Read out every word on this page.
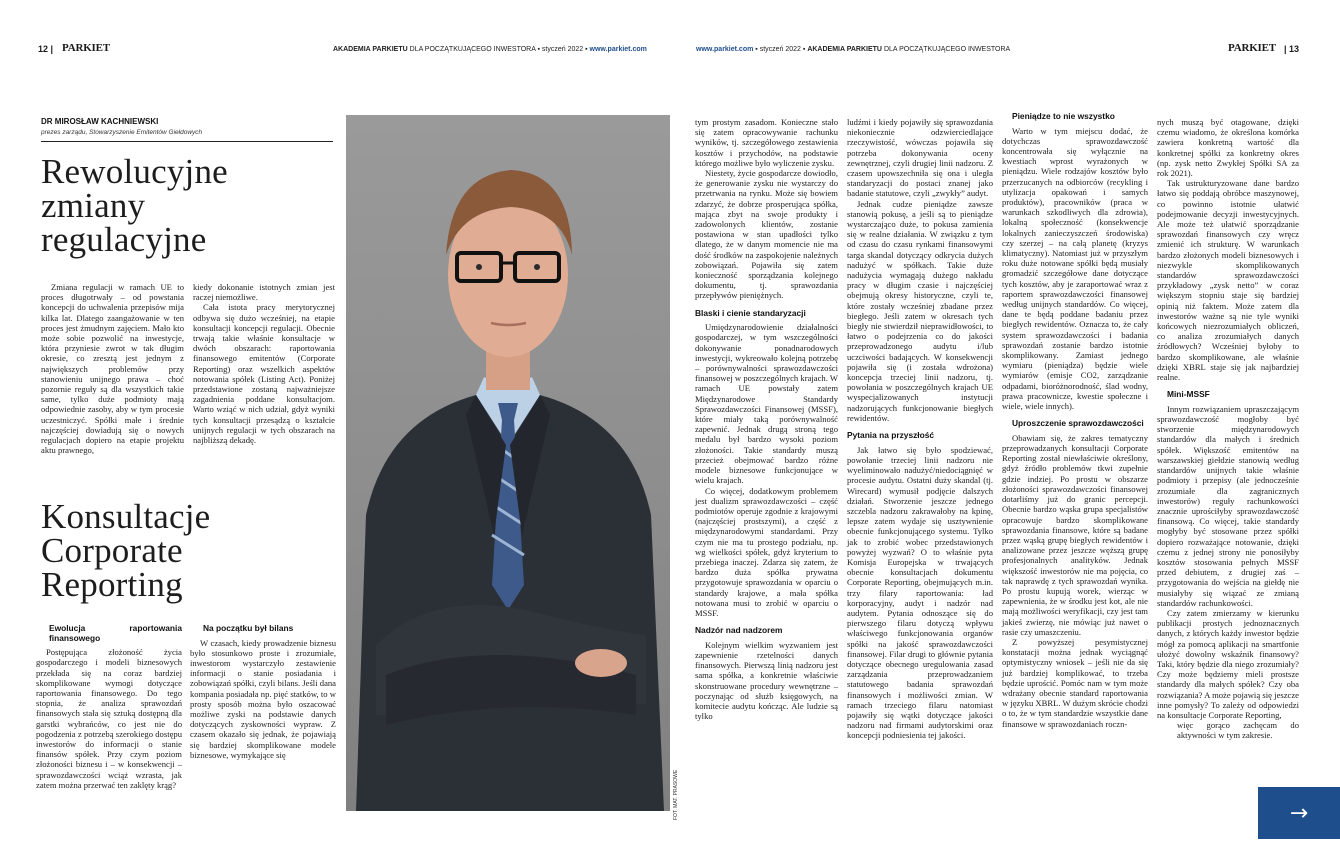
12 | PARKIET	AKADEMIA PARKIETU DLA POCZĄTKUJĄCEGO INWESTORA ▪ styczeń 2022 ▪ www.parkiet.com	www.parkiet.com ▪ styczeń 2022 ▪ AKADEMIA PARKIETU DLA POCZĄTKUJĄCEGO INWESTORA	PARKIET | 13
DR MIROSŁAW KACHNIEWSKI
prezes zarządu, Stowarzyszenie Emitentów Giełdowych
Rewolucyjne zmiany regulacyjne

Zmiana regulacji w ramach UE to proces długotrwały – od powstania koncepcji do uchwalenia przepisów mija kilka lat. Dlatego zaangażowanie w ten proces jest żmudnym zajęciem. Mało kto może sobie pozwolić na inwestycje, która przyniesie zwrot w tak długim okresie, co zresztą jest jednym z największych problemów przy stanowieniu unijnego prawa – choć pozornie reguły są dla wszystkich takie same, tylko duże podmioty mają odpowiednie zasoby, aby w tym procesie uczestniczyć. Spółki małe i średnie najczęściej dowiadują się o nowych regulacjach dopiero na etapie projektu aktu prawnego,

kiedy dokonanie istotnych zmian jest raczej niemożliwe.

Cała istota pracy merytorycznej odbywa się dużo wcześniej, na etapie konsultacji koncepcji regulacji. Obecnie trwają takie właśnie konsultacje w dwóch obszarach: raportowania finansowego emitentów (Corporate Reporting) oraz wszelkich aspektów notowania spółek (Listing Act). Poniżej przedstawione zostaną najważniejsze zagadnienia poddane konsultacjom. Warto wziąć w nich udział, gdyż wyniki tych konsultacji przesądzą o kształcie unijnych regulacji w tych obszarach na najbliższą dekadę.

Konsultacje Corporate Reporting
Ewolucja raportowania finansowego

Postępująca złożoność życia gospodarczego i modeli biznesowych przekłada się na coraz bardziej skomplikowane wymogi dotyczące raportowania finansowego. Do tego stopnia, że analiza sprawozdań finansowych stała się sztuką dostępną dla garstki wybrańców, co jest nie do pogodzenia z potrzebą szerokiego dostępu inwestorów do informacji o stanie finansów spółek. Przy czym poziom złożoności biznesu i – w konsekwencji – sprawozdawczości wciąż wzrasta, jak zatem można przerwać ten zaklęty krąg?

Na początku był bilans

W czasach, kiedy prowadzenie biznesu było stosunkowo proste i zrozumiałe, inwestorom wystarczyło zestawienie informacji o stanie posiadania i zobowiązań spółki, czyli bilans. Jeśli dana kompania posiadała np. pięć statków, to w prosty sposób można było oszacować możliwe zyski na podstawie danych dotyczących zyskowności wypraw. Z czasem okazało się jednak, że pojawiają się bardziej skomplikowane modele biznesowe, wymykające się

FOT. MAT. PRASOWE

tym prostym zasadom. Konieczne stało się zatem opracowywanie rachunku wyników, tj. szczegółowego zestawienia kosztów i przychodów, na podstawie którego możliwe było wyliczenie zysku.

Niestety, życie gospodarcze dowiodło, że generowanie zysku nie wystarczy do przetrwania na rynku. Może się bowiem zdarzyć, że dobrze prosperująca spółka, mająca zbyt na swoje produkty i zadowolonych klientów, zostanie postawiona w stan upadłości tylko dlatego, że w danym momencie nie ma dość środków na zaspokojenie należnych zobowiązań. Pojawiła się zatem konieczność sporządzania kolejnego dokumentu, tj. sprawozdania przepływów pieniężnych.

Blaski i cienie standaryzacji

Umiędzynarodowienie działalności gospodarczej, w tym wszczególności dokonywanie ponadnarodowych inwestycji, wykreowało kolejną potrzebę – porównywalności sprawozdawczości finansowej w poszczególnych krajach. W ramach UE powstały zatem Międzynarodowe Standardy Sprawozdawczości Finansowej (MSSF), które miały taką porównywalność zapewnić. Jednak drugą stroną tego medalu był bardzo wysoki poziom złożoności. Takie standardy muszą przecież obejmować bardzo różne modele biznesowe funkcjonujące w wielu krajach.

Co więcej, dodatkowym problemem jest dualizm sprawozdawczości – część podmiotów operuje zgodnie z krajowymi (najczęściej prostszymi), a część z międzynarodowymi standardami. Przy czym nie ma tu prostego podziału, np. wg wielkości spółek, gdyż kryterium to przebiega inaczej. Zdarza się zatem, że bardzo duża spółka prywatna przygotowuje sprawozdania w oparciu o standardy krajowe, a mała spółka notowana musi to zrobić w oparciu o MSSF.

Nadzór nad nadzorem

Kolejnym wielkim wyzwaniem jest zapewnienie rzetelności danych finansowych. Pierwszą linią nadzoru jest sama spółka, a konkretnie właściwie skonstruowane procedury wewnętrzne – poczynając od służb księgowych, na komitecie audytu kończąc. Ale ludzie są tylko

ludźmi i kiedy pojawiły się sprawozdania niekoniecznie odzwierciedlające rzeczywistość, wówczas pojawiła się potrzeba dokonywania oceny zewnętrznej, czyli drugiej linii nadzoru. Z czasem upowszechniła się ona i uległa standaryzacji do postaci znanej jako badanie statutowe, czyli „zwykły” audyt.

Jednak cudze pieniądze zawsze stanowią pokusę, a jeśli są to pieniądze wystarczająco duże, to pokusa zamienia się w realne działania. W związku z tym od czasu do czasu rynkami finansowymi targa skandal dotyczący odkrycia dużych nadużyć w spółkach. Takie duże nadużycia wymagają dużego nakładu pracy w długim czasie i najczęściej obejmują okresy historyczne, czyli te, które zostały wcześniej zbadane przez biegłego. Jeśli zatem w okresach tych biegły nie stwierdził nieprawidłowości, to łatwo o podejrzenia co do jakości przeprowadzonego audytu i/lub uczciwości badających. W konsekwencji pojawiła się (i została wdrożona) koncepcja trzeciej linii nadzoru, tj. powołania w poszczególnych krajach UE wyspecjalizowanych instytucji nadzorujących funkcjonowanie biegłych rewidentów.

Pytania na przyszłość

Jak łatwo się było spodziewać, powołanie trzeciej linii nadzoru nie wyeliminowało nadużyć/niedociągnięć w procesie audytu. Ostatni duży skandal (tj. Wirecard) wymusił podjęcie dalszych działań. Stworzenie jeszcze jednego szczebla nadzoru zakrawałoby na kpinę, lepsze zatem wydaje się usztywnienie obecnie funkcjonującego systemu. Tylko jak to zrobić wobec przedstawionych powyżej wyzwań? O to właśnie pyta Komisja Europejska w trwających obecnie konsultacjach dokumentu Corporate Reporting, obejmujących m.in. trzy filary raportowania: ład korporacyjny, audyt i nadzór nad audytem. Pytania odnoszące się do pierwszego filaru dotyczą wpływu właściwego funkcjonowania organów spółki na jakość sprawozdawczości finansowej. Filar drugi to głównie pytania dotyczące obecnego uregulowania zasad zarządzania przeprowadzaniem statutowego badania sprawozdań finansowych i możliwości zmian. W ramach trzeciego filaru natomiast pojawiły się wątki dotyczące jakości nadzoru nad firmami audytorskimi oraz koncepcji podniesienia tej jakości.

Pieniądze to nie wszystko

Warto w tym miejscu dodać, że dotychczas sprawozdawczość koncentrowała się wyłącznie na kwestiach wprost wyrażonych w pieniądzu. Wiele rodzajów kosztów było przerzucanych na odbiorców (recykling i utylizacja opakowań i samych produktów), pracowników (praca w warunkach szkodliwych dla zdrowia), lokalną społeczność (konsekwencje lokalnych zanieczyszczeń środowiska) czy szerzej – na całą planetę (kryzys klimatyczny). Natomiast już w przyszłym roku duże notowane spółki będą musiały gromadzić szczegółowe dane dotyczące tych kosztów, aby je zaraportować wraz z raportem sprawozdawczości finansowej według unijnych standardów. Co więcej, dane te będą poddane badaniu przez biegłych rewidentów. Oznacza to, że cały system sprawozdawczości i badania sprawozdań zostanie bardzo istotnie skomplikowany. Zamiast jednego wymiaru (pieniądza) będzie wiele wymiarów (emisje CO2, zarządzanie odpadami, bioróżnorodność, ślad wodny, prawa pracownicze, kwestie społeczne i wiele, wiele innych).

Uproszczenie sprawozdawczości

Obawiam się, że zakres tematyczny przeprowadzanych konsultacji Corporate Reporting został niewłaściwie określony, gdyż źródło problemów tkwi zupełnie gdzie indziej. Po prostu w obszarze złożoności sprawozdawczości finansowej dotarliśmy już do granic percepcji. Obecnie bardzo wąska grupa specjalistów opracowuje bardzo skomplikowane sprawozdania finansowe, które są badane przez wąską grupę biegłych rewidentów i analizowane przez jeszcze węższą grupę profesjonalnych analityków. Jednak większość inwestorów nie ma pojęcia, co tak naprawdę z tych sprawozdań wynika. Po prostu kupują worek, wierząc w zapewnienia, że w środku jest kot, ale nie mają możliwości weryfikacji, czy jest tam jakieś zwierzę, nie mówiąc już nawet o rasie czy umaszczeniu.

Z powyższej pesymistycznej konstatacji można jednak wyciągnąć optymistyczny wniosek – jeśli nie da się już bardziej komplikować, to trzeba będzie uprościć. Pomóc nam w tym może wdrażany obecnie standard raportowania w języku XBRL. W dużym skrócie chodzi o to, że w tym standardzie wszystkie dane finansowe w sprawozdaniach roczn-

nych muszą być otagowane, dzięki czemu wiadomo, że określona komórka zawiera konkretną wartość dla konkretnej spółki za konkretny okres (np. zysk netto Zwykłej Spółki SA za rok 2021).

Tak ustrukturyzowane dane bardzo łatwo się poddają obróbce maszynowej, co powinno istotnie ułatwić podejmowanie decyzji inwestycyjnych. Ale może też ułatwić sporządzanie sprawozdań finansowych czy wręcz zmienić ich strukturę. W warunkach bardzo złożonych modeli biznesowych i niezwykle skomplikowanych standardów sprawozdawczości przykładowy „zysk netto” w coraz większym stopniu staje się bardziej opinią niż faktem. Może zatem dla inwestorów ważne są nie tyle wyniki końcowych niezrozumiałych obliczeń, co analiza zrozumiałych danych źródłowych? Wcześniej byłoby to bardzo skomplikowane, ale właśnie dzięki XBRL staje się jak najbardziej realne.

Mini-MSSF

Innym rozwiązaniem upraszczającym sprawozdawczość mogłoby być stworzenie międzynarodowych standardów dla małych i średnich spółek. Większość emitentów na warszawskiej giełdzie stanowią według standardów unijnych takie właśnie podmioty i przepisy (ale jednocześnie zrozumiałe dla zagranicznych inwestorów) reguły rachunkowości znacznie uprościłyby sprawozdawczość finansową. Co więcej, takie standardy mogłyby być stosowane przez spółki dopiero rozważające notowanie, dzięki czemu z jednej strony nie ponosiłyby kosztów stosowania pełnych MSSF przed debiutem, z drugiej zaś – przygotowania do wejścia na giełdę nie musiałyby się wiązać ze zmianą standardów rachunkowości.

Czy zatem zmierzamy w kierunku publikacji prostych jednoznacznych danych, z których każdy inwestor będzie mógł za pomocą aplikacji na smartfonie ułożyć dowolny wskaźnik finansowy? Taki, który będzie dla niego zrozumiały? Czy może będziemy mieli prostsze standardy dla małych spółek? Czy oba rozwiązania? A może pojawią się jeszcze inne pomysły? To zależy od odpowiedzi na konsultacje Corporate Reporting,

więc gorąco zachęcam do aktywności w tym zakresie.

→
